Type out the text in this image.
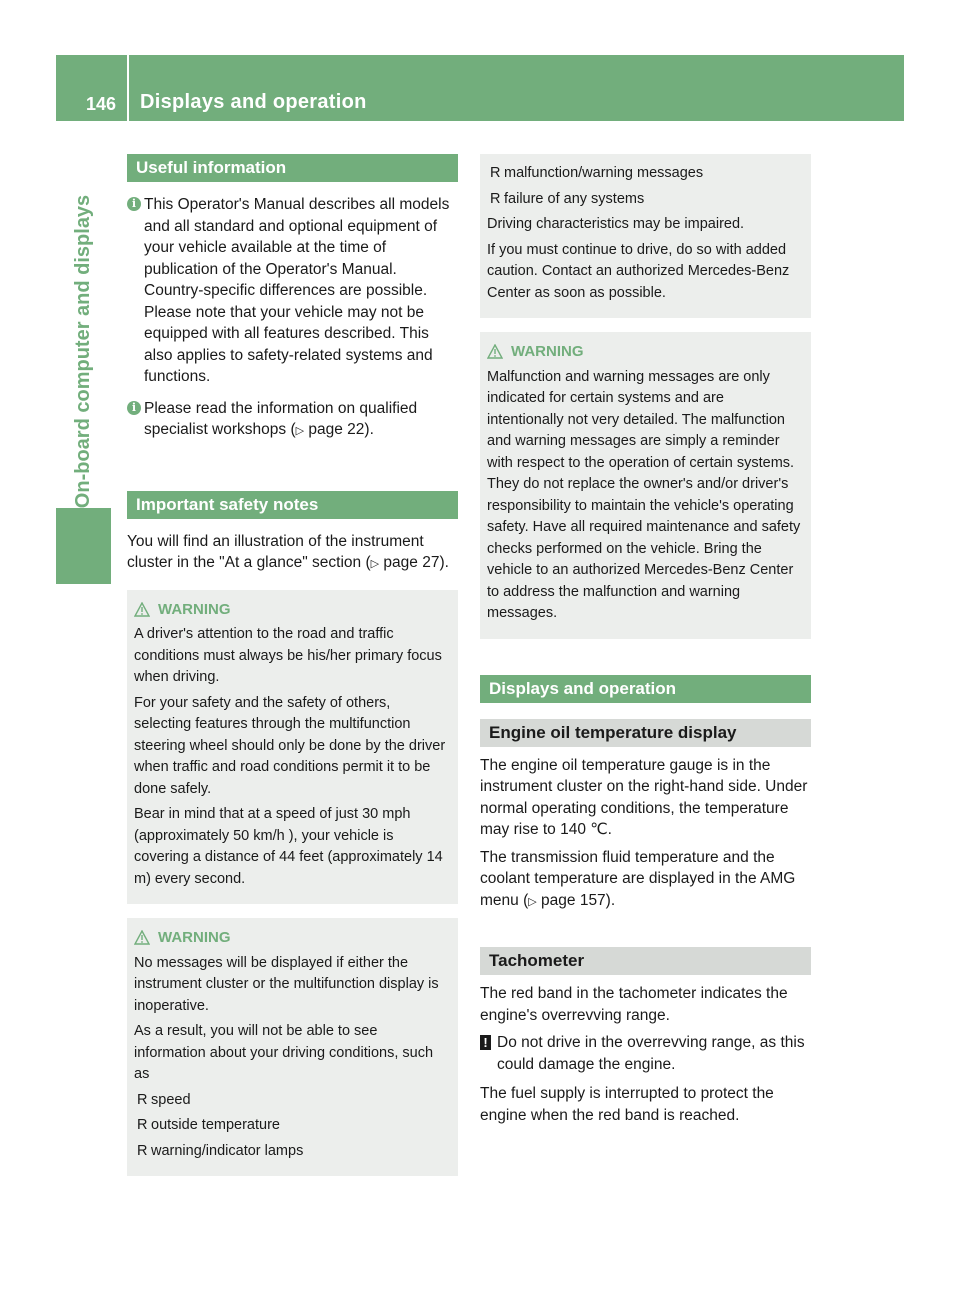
146	Displays and operation
On-board computer and displays
Useful information
i This Operator's Manual describes all models and all standard and optional equipment of your vehicle available at the time of publication of the Operator's Manual. Country-specific differences are possible. Please note that your vehicle may not be equipped with all features described. This also applies to safety-related systems and functions.
i Please read the information on qualified specialist workshops (▷ page 22).
Important safety notes

You will find an illustration of the instrument cluster in the "At a glance" section (▷ page 27).

WARNING

A driver's attention to the road and traffic conditions must always be his/her primary focus when driving.

For your safety and the safety of others, selecting features through the multifunction steering wheel should only be done by the driver when traffic and road conditions permit it to be done safely.

Bear in mind that at a speed of just 30 mph (approximately 50 km/h ), your vehicle is covering a distance of 44 feet (approximately 14 m) every second.

WARNING

No messages will be displayed if either the instrument cluster or the multifunction display is inoperative.

As a result, you will not be able to see information about your driving conditions, such as

R speed
R outside temperature
R warning/indicator lamps
R malfunction/warning messages
R failure of any systems

Driving characteristics may be impaired.

If you must continue to drive, do so with added caution. Contact an authorized Mercedes-Benz Center as soon as possible.

WARNING

Malfunction and warning messages are only indicated for certain systems and are intentionally not very detailed. The malfunction and warning messages are simply a reminder with respect to the operation of certain systems. They do not replace the owner's and/or driver's responsibility to maintain the vehicle's operating safety. Have all required maintenance and safety checks performed on the vehicle. Bring the vehicle to an authorized Mercedes-Benz Center to address the malfunction and warning messages.

Displays and operation
Engine oil temperature display

The engine oil temperature gauge is in the instrument cluster on the right-hand side. Under normal operating conditions, the temperature may rise to 140 ℃.

The transmission fluid temperature and the coolant temperature are displayed in the AMG menu (▷ page 157).

Tachometer

The red band in the tachometer indicates the engine's overrevving range.

! Do not drive in the overrevving range, as this could damage the engine.

The fuel supply is interrupted to protect the engine when the red band is reached.
